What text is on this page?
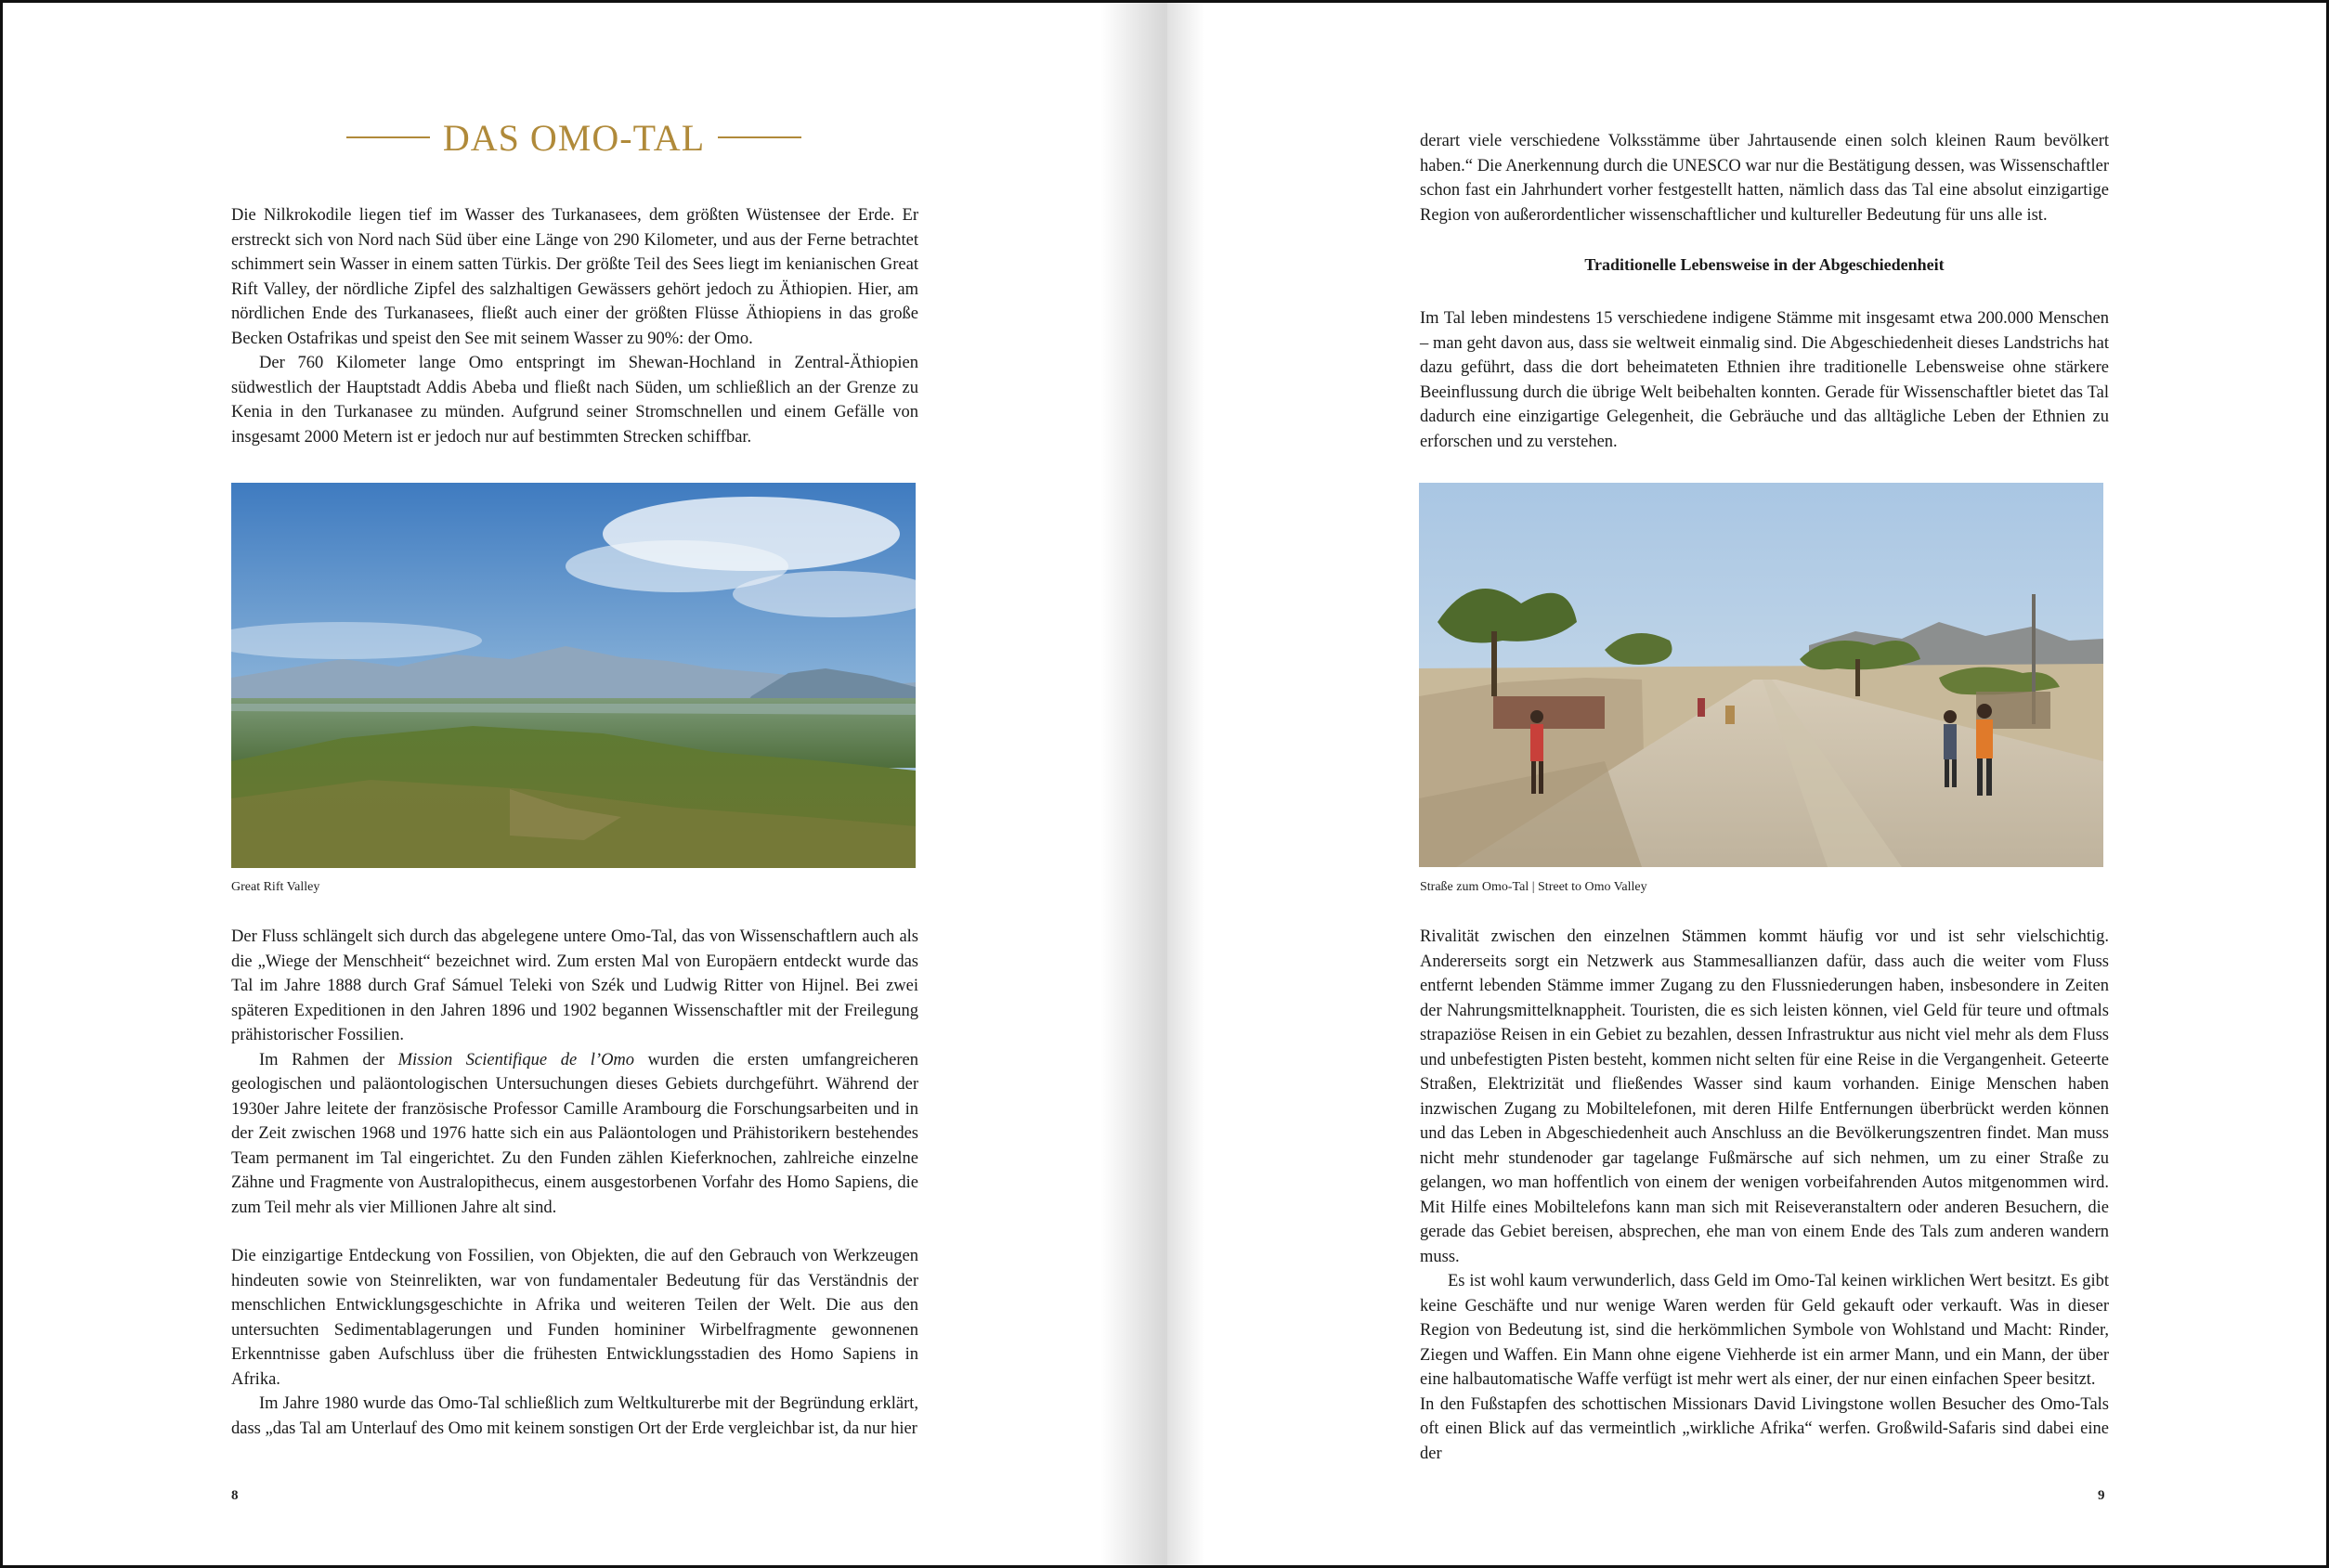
DAS OMO-TAL

Die Nilkrokodile liegen tief im Wasser des Turkanasees, dem größten Wüstensee der Erde. Er erstreckt sich von Nord nach Süd über eine Länge von 290 Kilometer, und aus der Ferne betrachtet schimmert sein Wasser in einem satten Türkis. Der größte Teil des Sees liegt im kenianischen Great Rift Valley, der nördliche Zipfel des salzhaltigen Gewässers gehört jedoch zu Äthiopien. Hier, am nördlichen Ende des Turkanasees, fließt auch einer der größten Flüsse Äthiopiens in das große Becken Ostafrikas und speist den See mit seinem Wasser zu 90%: der Omo.

Der 760 Kilometer lange Omo entspringt im Shewan-Hochland in Zentral-Äthiopien südwestlich der Hauptstadt Addis Abeba und fließt nach Süden, um schließlich an der Grenze zu Kenia in den Turkanasee zu münden. Aufgrund seiner Stromschnellen und einem Gefälle von insgesamt 2000 Metern ist er jedoch nur auf bestimmten Strecken schiffbar.

Great Rift Valley

Der Fluss schlängelt sich durch das abgelegene untere Omo-Tal, das von Wissenschaftlern auch als die „Wiege der Menschheit“ bezeichnet wird. Zum ersten Mal von Europäern entdeckt wurde das Tal im Jahre 1888 durch Graf Sámuel Teleki von Szék und Ludwig Ritter von Hijnel. Bei zwei späteren Expeditionen in den Jahren 1896 und 1902 begannen Wissenschaftler mit der Freilegung prähistorischer Fossilien.

Im Rahmen der Mission Scientifique de l’Omo wurden die ersten umfangreicheren geologischen und paläontologischen Untersuchungen dieses Gebiets durchgeführt. Während der 1930er Jahre leitete der französische Professor Camille Arambourg die Forschungsarbeiten und in der Zeit zwischen 1968 und 1976 hatte sich ein aus Paläontologen und Prähistorikern bestehendes Team permanent im Tal eingerichtet. Zu den Funden zählen Kieferknochen, zahlreiche einzelne Zähne und Fragmente von Australopithecus, einem ausgestorbenen Vorfahr des Homo Sapiens, die zum Teil mehr als vier Millionen Jahre alt sind.

Die einzigartige Entdeckung von Fossilien, von Objekten, die auf den Gebrauch von Werkzeugen hindeuten sowie von Steinrelikten, war von fundamentaler Bedeutung für das Verständnis der menschlichen Entwicklungsgeschichte in Afrika und weiteren Teilen der Welt. Die aus den untersuchten Sedimentablagerungen und Funden homininer Wirbelfragmente gewonnenen Erkenntnisse gaben Aufschluss über die frühesten Entwicklungsstadien des Homo Sapiens in Afrika.

Im Jahre 1980 wurde das Omo-Tal schließlich zum Weltkulturerbe mit der Begründung erklärt, dass „das Tal am Unterlauf des Omo mit keinem sonstigen Ort der Erde vergleichbar ist, da nur hier

8

derart viele verschiedene Volksstämme über Jahrtausende einen solch kleinen Raum bevölkert haben.“ Die Anerkennung durch die UNESCO war nur die Bestätigung dessen, was Wissenschaftler schon fast ein Jahrhundert vorher festgestellt hatten, nämlich dass das Tal eine absolut einzigartige Region von außerordentlicher wissenschaftlicher und kultureller Bedeutung für uns alle ist.

Traditionelle Lebensweise in der Abgeschiedenheit

Im Tal leben mindestens 15 verschiedene indigene Stämme mit insgesamt etwa 200.000 Menschen – man geht davon aus, dass sie weltweit einmalig sind. Die Abgeschiedenheit dieses Landstrichs hat dazu geführt, dass die dort beheimateten Ethnien ihre traditionelle Lebensweise ohne stärkere Beeinflussung durch die übrige Welt beibehalten konnten. Gerade für Wissenschaftler bietet das Tal dadurch eine einzigartige Gelegenheit, die Gebräuche und das alltägliche Leben der Ethnien zu erforschen und zu verstehen.

Straße zum Omo-Tal | Street to Omo Valley

Rivalität zwischen den einzelnen Stämmen kommt häufig vor und ist sehr vielschichtig. Andererseits sorgt ein Netzwerk aus Stammesallianzen dafür, dass auch die weiter vom Fluss entfernt lebenden Stämme immer Zugang zu den Flussniederungen haben, insbesondere in Zeiten der Nahrungsmittelknappheit. Touristen, die es sich leisten können, viel Geld für teure und oftmals strapaziöse Reisen in ein Gebiet zu bezahlen, dessen Infrastruktur aus nicht viel mehr als dem Fluss und unbefestigten Pisten besteht, kommen nicht selten für eine Reise in die Vergangenheit. Geteerte Straßen, Elektrizität und fließendes Wasser sind kaum vorhanden. Einige Menschen haben inzwischen Zugang zu Mobiltelefonen, mit deren Hilfe Entfernungen überbrückt werden können und das Leben in Abgeschiedenheit auch Anschluss an die Bevölkerungszentren findet. Man muss nicht mehr stundenoder gar tagelange Fußmärsche auf sich nehmen, um zu einer Straße zu gelangen, wo man hoffentlich von einem der wenigen vorbeifahrenden Autos mitgenommen wird. Mit Hilfe eines Mobiltelefons kann man sich mit Reiseveranstaltern oder anderen Besuchern, die gerade das Gebiet bereisen, absprechen, ehe man von einem Ende des Tals zum anderen wandern muss.

Es ist wohl kaum verwunderlich, dass Geld im Omo-Tal keinen wirklichen Wert besitzt. Es gibt keine Geschäfte und nur wenige Waren werden für Geld gekauft oder verkauft. Was in dieser Region von Bedeutung ist, sind die herkömmlichen Symbole von Wohlstand und Macht: Rinder, Ziegen und Waffen. Ein Mann ohne eigene Viehherde ist ein armer Mann, und ein Mann, der über eine halbautomatische Waffe verfügt ist mehr wert als einer, der nur einen einfachen Speer besitzt.

In den Fußstapfen des schottischen Missionars David Livingstone wollen Besucher des Omo-Tals oft einen Blick auf das vermeintlich „wirkliche Afrika“ werfen. Großwild-Safaris sind dabei eine der

9
